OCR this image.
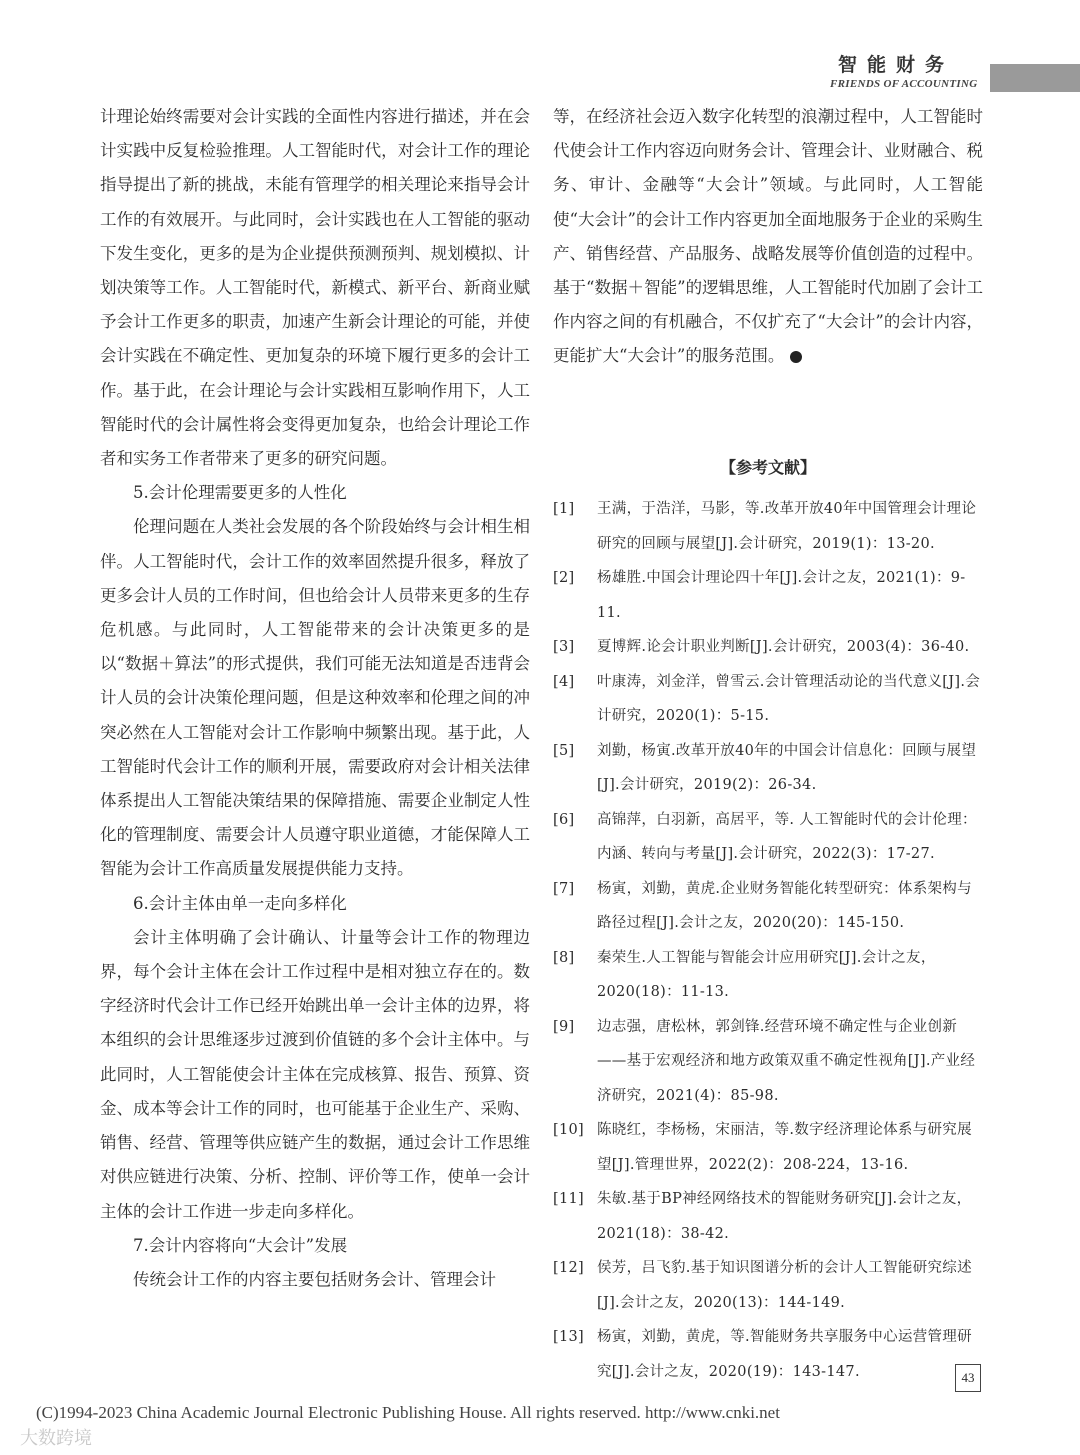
智能财务
FRIENDS OF ACCOUNTING

计理论始终需要对会计实践的全面性内容进行描述，并在会计实践中反复检验推理。人工智能时代，对会计工作的理论指导提出了新的挑战，未能有管理学的相关理论来指导会计工作的有效展开。与此同时，会计实践也在人工智能的驱动下发生变化，更多的是为企业提供预测预判、规划模拟、计划决策等工作。人工智能时代，新模式、新平台、新商业赋予会计工作更多的职责，加速产生新会计理论的可能，并使会计实践在不确定性、更加复杂的环境下履行更多的会计工作。基于此，在会计理论与会计实践相互影响作用下，人工智能时代的会计属性将会变得更加复杂，也给会计理论工作者和实务工作者带来了更多的研究问题。

5.会计伦理需要更多的人性化

伦理问题在人类社会发展的各个阶段始终与会计相生相伴。人工智能时代，会计工作的效率固然提升很多，释放了更多会计人员的工作时间，但也给会计人员带来更多的生存危机感。与此同时，人工智能带来的会计决策更多的是以“数据＋算法”的形式提供，我们可能无法知道是否违背会计人员的会计决策伦理问题，但是这种效率和伦理之间的冲突必然在人工智能对会计工作影响中频繁出现。基于此，人工智能时代会计工作的顺利开展，需要政府对会计相关法律体系提出人工智能决策结果的保障措施、需要企业制定人性化的管理制度、需要会计人员遵守职业道德，才能保障人工智能为会计工作高质量发展提供能力支持。

6.会计主体由单一走向多样化

会计主体明确了会计确认、计量等会计工作的物理边界，每个会计主体在会计工作过程中是相对独立存在的。数字经济时代会计工作已经开始跳出单一会计主体的边界，将本组织的会计思维逐步过渡到价值链的多个会计主体中。与此同时，人工智能使会计主体在完成核算、报告、预算、资金、成本等会计工作的同时，也可能基于企业生产、采购、销售、经营、管理等供应链产生的数据，通过会计工作思维对供应链进行决策、分析、控制、评价等工作，使单一会计主体的会计工作进一步走向多样化。

7.会计内容将向“大会计”发展

传统会计工作的内容主要包括财务会计、管理会计

等，在经济社会迈入数字化转型的浪潮过程中，人工智能时代使会计工作内容迈向财务会计、管理会计、业财融合、税务、审计、金融等“大会计”领域。与此同时，人工智能使“大会计”的会计工作内容更加全面地服务于企业的采购生产、销售经营、产品服务、战略发展等价值创造的过程中。基于“数据＋智能”的逻辑思维，人工智能时代加剧了会计工作内容之间的有机融合，不仅扩充了“大会计”的会计内容，更能扩大“大会计”的服务范围。

【参考文献】
[1]	王满，于浩洋，马影，等.改革开放40年中国管理会计理论研究的回顾与展望[J].会计研究，2019(1)：13-20.
[2]	杨雄胜.中国会计理论四十年[J].会计之友，2021(1)：9-11.
[3]	夏博辉.论会计职业判断[J].会计研究，2003(4)：36-40.
[4]	叶康涛，刘金洋，曾雪云.会计管理活动论的当代意义[J].会计研究，2020(1)：5-15.
[5]	刘勤，杨寅.改革开放40年的中国会计信息化：回顾与展望[J].会计研究，2019(2)：26-34.
[6]	高锦萍，白羽新，高居平，等. 人工智能时代的会计伦理：内涵、转向与考量[J].会计研究，2022(3)：17-27.
[7]	杨寅，刘勤，黄虎.企业财务智能化转型研究：体系架构与路径过程[J].会计之友，2020(20)：145-150.
[8]	秦荣生.人工智能与智能会计应用研究[J].会计之友，2020(18)：11-13.
[9]	边志强，唐松林，郭剑锋.经营环境不确定性与企业创新——基于宏观经济和地方政策双重不确定性视角[J].产业经济研究，2021(4)：85-98.
[10] 陈晓红，李杨杨，宋丽洁，等.数字经济理论体系与研究展望[J].管理世界，2022(2)：208-224，13-16.
[11] 朱敏.基于BP神经网络技术的智能财务研究[J].会计之友，2021(18)：38-42.
[12] 侯芳，吕飞豹.基于知识图谱分析的会计人工智能研究综述[J].会计之友，2020(13)：144-149.
[13] 杨寅，刘勤，黄虎，等.智能财务共享服务中心运营管理研究[J].会计之友，2020(19)：143-147.	43
(C)1994-2023 China Academic Journal Electronic Publishing House. All rights reserved. http://www.cnki.net
大数跨境
